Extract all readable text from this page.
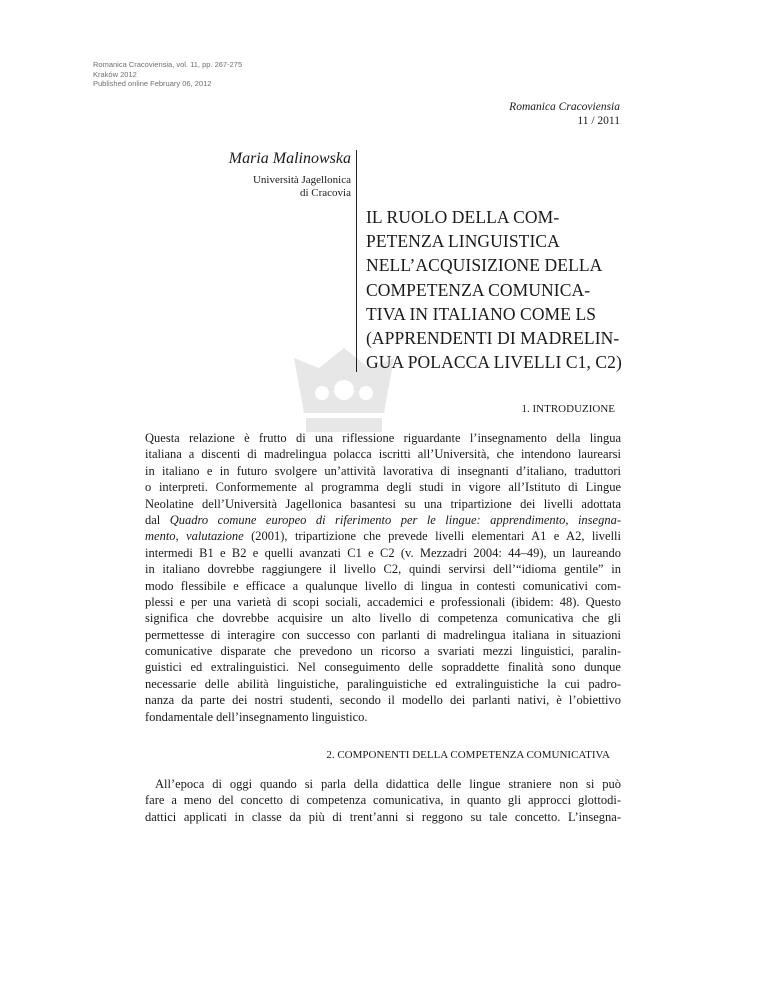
Romanica Cracoviensia, vol. 11, pp. 267-275
Kraków 2012
Published online February 06, 2012
Romanica Cracoviensia
11 / 2011
Maria Malinowska
Università Jagellonica
di Cracovia
IL RUOLO DELLA COM-
PETENZA LINGUISTICA
NELL’ACQUISIZIONE DELLA
COMPETENZA COMUNICA-
TIVA IN ITALIANO COME LS
(APPRENDENTI DI MADRELIN-
GUA POLACCA LIVELLI C1, C2)
1. INTRODUZIONE
Questa relazione è frutto di una riflessione riguardante l’insegnamento della lingua
italiana a discenti di madrelingua polacca iscritti all’Università, che intendono laurearsi
in italiano e in futuro svolgere un’attività lavorativa di insegnanti d’italiano, traduttori
o interpreti. Conformemente al programma degli studi in vigore all’Istituto di Lingue
Neolatine dell’Università Jagellonica basantesi su una tripartizione dei livelli adottata
dal Quadro comune europeo di riferimento per le lingue: apprendimento, insegna-
mento, valutazione (2001), tripartizione che prevede livelli elementari A1 e A2, livelli
intermedi B1 e B2 e quelli avanzati C1 e C2 (v. Mezzadri 2004: 44–49), un laureando
in italiano dovrebbe raggiungere il livello C2, quindi servirsi dell’“idioma gentile” in
modo flessibile e efficace a qualunque livello di lingua in contesti comunicativi com-
plessi e per una varietà di scopi sociali, accademici e professionali (ibidem: 48). Questo
significa che dovrebbe acquisire un alto livello di competenza comunicativa che gli
permettesse di interagire con successo con parlanti di madrelingua italiana in situazioni
comunicative disparate che prevedono un ricorso a svariati mezzi linguistici, paralin-
guistici ed extralinguistici. Nel conseguimento delle sopraddette finalità sono dunque
necessarie delle abilità linguistiche, paralinguistiche ed extralinguistiche la cui padro-
nanza da parte dei nostri studenti, secondo il modello dei parlanti nativi, è l’obiettivo
fondamentale dell’insegnamento linguistico.
2. COMPONENTI DELLA COMPETENZA COMUNICATIVA
All’epoca di oggi quando si parla della didattica delle lingue straniere non si può
fare a meno del concetto di competenza comunicativa, in quanto gli approcci glottodi-
dattici applicati in classe da più di trent’anni si reggono su tale concetto. L’insegna-
